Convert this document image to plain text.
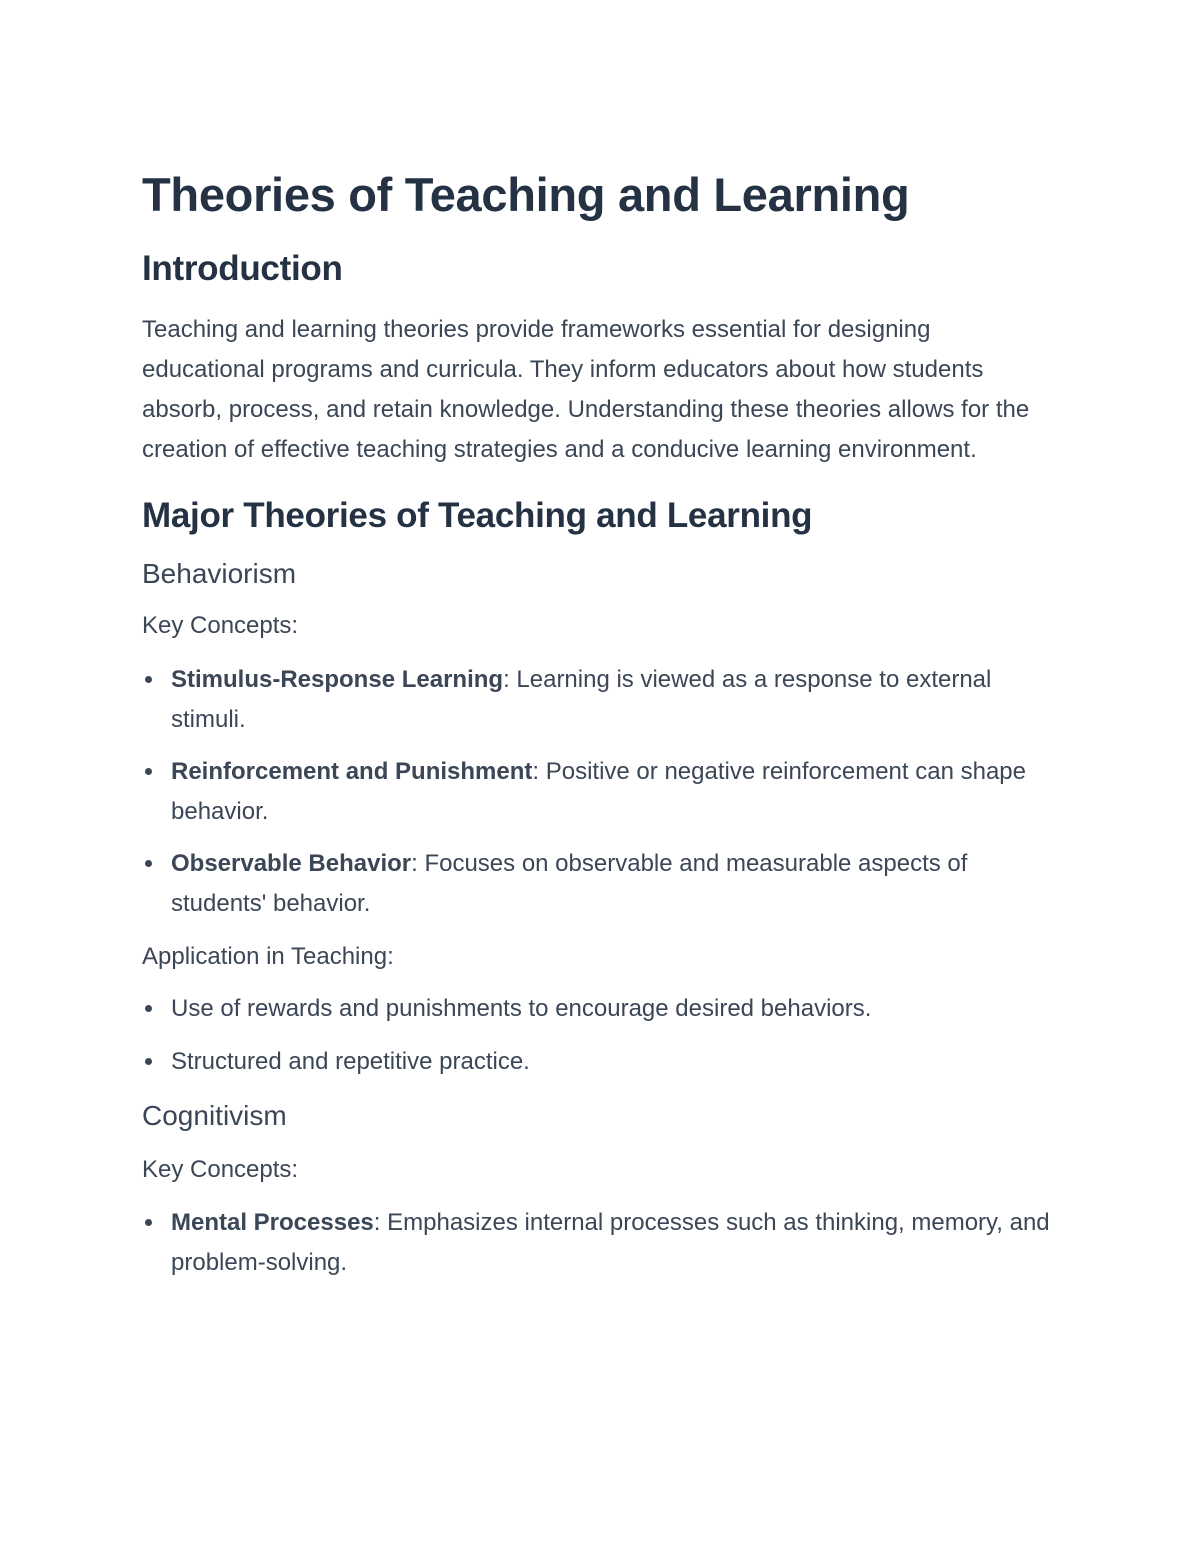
Theories of Teaching and Learning
Introduction

Teaching and learning theories provide frameworks essential for designing educational programs and curricula. They inform educators about how students absorb, process, and retain knowledge. Understanding these theories allows for the creation of effective teaching strategies and a conducive learning environment.

Major Theories of Teaching and Learning
Behaviorism

Key Concepts:

Stimulus-Response Learning: Learning is viewed as a response to external stimuli.
Reinforcement and Punishment: Positive or negative reinforcement can shape behavior.
Observable Behavior: Focuses on observable and measurable aspects of students' behavior.

Application in Teaching:

Use of rewards and punishments to encourage desired behaviors.
Structured and repetitive practice.
Cognitivism

Key Concepts:

Mental Processes: Emphasizes internal processes such as thinking, memory, and problem-solving.
